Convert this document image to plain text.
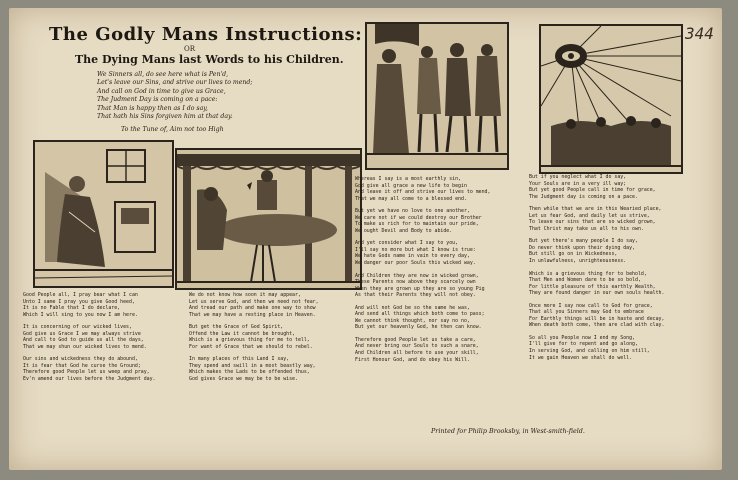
The Godly Mans Instructions:
OR
The Dying Mans last Words to his Children.
We Sinners all, do see here what is Pen'd,
Let's leave our Sins, and strive our lives to mend;
And call on God in time to give us Grace,
The Judment Day is coming on a pace:
That Man is happy then as I do say,
That hath his Sins forgiven him at that day.
To the Tune of, Aim not too High
344
Good People all, I pray bear what I can
Unto I same I pray you give Good heed,
It is no Fable that I do declare,
Which I will sing to you now I am here.
It is concerning of our wicked lives,
God give us Grace I we may always strive
And call to God to guide us all the days,
That we may shun our wicked lives to mend.
Our sins and wickedness they do abound,
It is fear that God he curse the Ground;
Therefore good People let us weep and pray,
Ev'n amend our lives before the Judgment day.
We do not know how soon it may appear,
Let us serve God, and then we need not fear,
And tread our path and make one way to show
That we may have a resting place in Heaven.
But get the Grace of God Spirit,
Offend the Law it cannot be brought,
Which is a grievous thing for me to tell,
For want of Grace that we should to rebel.
In many places of this Land I say,
They spend and swill in a most beastly way,
Which makes the Lads to be offended thus,
God gives Grace we may be to be wise.
Whereas I say is a most earthly sin,
God give all grace a new life to begin
And leave it off and strive our lives to mend,
That we may all come to a blessed end.
But yet we have no love to one another,
We care not if we could destroy our Brother
To make us rich for to maintain our pride,
We ought Devil and Body to abide.
And yet consider what I say to you,
I'll say no more but what I know is true:
We hate Gods name in vain to every day,
We danger our poor Souls this wicked way.
And Children they are now in wicked grown,
These Parents now above they scarcely own
When they are grown up they are so young Pig
As that their Parents they will not obey.
And will not God be so the same he was,
And send all things which both come to pass;
We cannot think thought, nor say no no,
But yet our heavenly God, he then can know.
Therefore good People let us take a care,
And never bring our Souls to such a snare,
And Children all before to use your skill,
First Honour God, and do obey his Will.
But if you neglect what I do say,
Your Souls are in a very ill way;
But yet good People call in time for grace,
The Judgment day is coming on a pace.
Then while that we are in this Wearied place,
Let us fear God, and daily let us strive,
To leave our sins that are so wicked grown,
That Christ may take us all to his own.
But yet there's many people I do say,
Do never think upon their dying day,
But still go on in Wickedness,
In unlawfulness, unrighteousness.
Which is a grievous thing for to behold,
That Men and Women dare to be so bold,
For little pleasure of this earthly Wealth,
They are found danger in our own souls health.
Once more I say now call to God for grace,
That all you Sinners may God to embrace
For Earthly things will be in haste and decay,
When death both come, then are clad with clay.
So all you People now I end my Song,
I'll give for to repent and go along,
In serving God, and calling on him still,
It we gain Heaven we shall do well.
Printed for Philip Brooksby, in West-smith-field.
